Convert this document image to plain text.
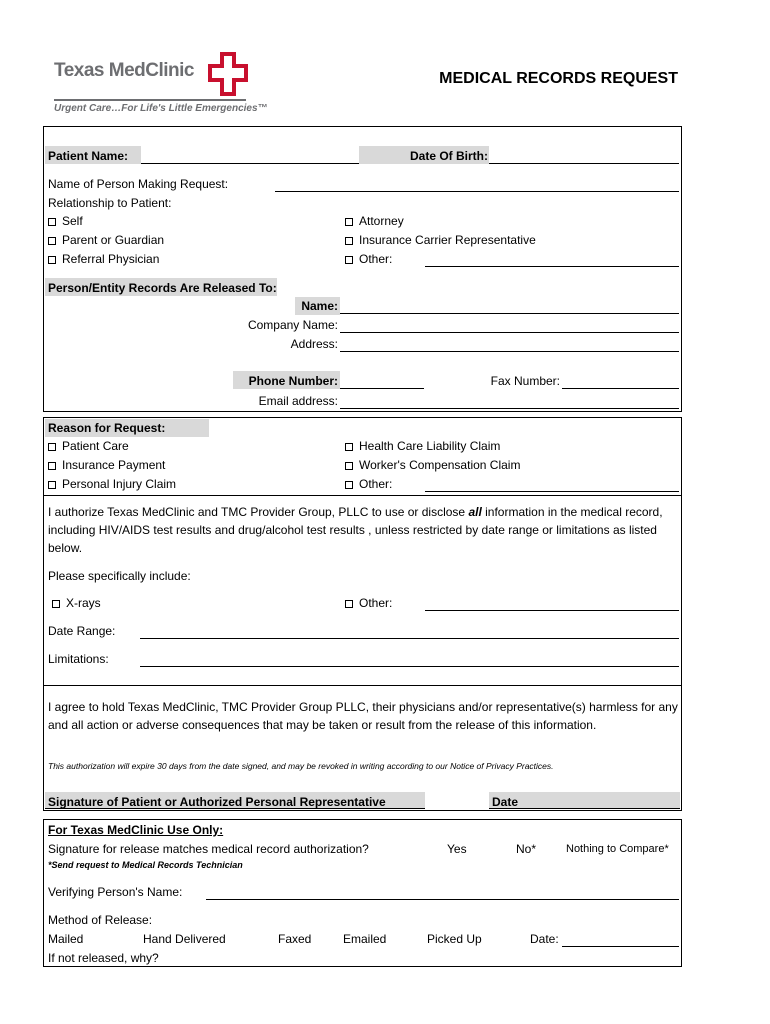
Texas MedClinic
Urgent Care…For Life's Little Emergencies™
MEDICAL RECORDS REQUEST
Patient Name:	Date Of Birth:
Name of Person Making Request:
Relationship to Patient:
Self
Parent or Guardian
Referral Physician
Attorney
Insurance Carrier Representative
Other:
Person/Entity Records Are Released To:
Name:
Company Name:
Address:
Phone Number:	Fax Number:
Email address:
Reason for Request:
Patient Care
Insurance Payment
Personal Injury Claim
Health Care Liability Claim
Worker's Compensation Claim
Other:
I authorize Texas MedClinic and TMC Provider Group, PLLC to use or disclose all information in the medical record, including HIV/AIDS test results and drug/alcohol test results , unless restricted by date range or limitations as listed below.
Please specifically include:
X-rays	Other:
Date Range:
Limitations:
I agree to hold Texas MedClinic, TMC Provider Group PLLC, their physicians and/or representative(s) harmless for any and all action or adverse consequences that may be taken or result from the release of this information.
This authorization will expire 30 days from the date signed, and may be revoked in writing according to our Notice of Privacy Practices.
Signature of Patient or Authorized Personal Representative	Date
For Texas MedClinic Use Only:
Signature for release matches medical record authorization?	Yes	No*	Nothing to Compare*
*Send request to Medical Records Technician
Verifying Person's Name:
Method of Release:
Mailed	Hand Delivered	Faxed	Emailed	Picked Up	Date:
If not released, why?
